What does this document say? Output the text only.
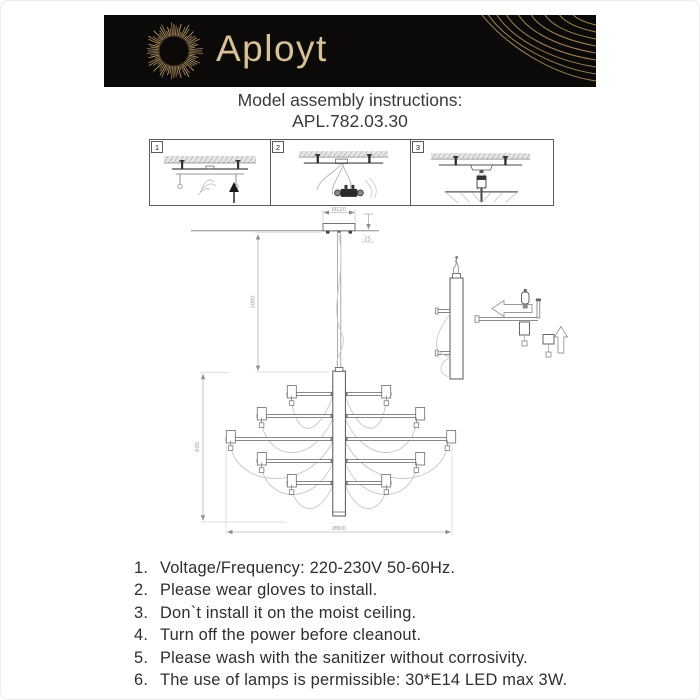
Aployt
Model assembly instructions:
APL.782.03.30
1	2	3
Ø120
25
1000
600
Ø800
1. Voltage/Frequency: 220-230V 50-60Hz.
2. Please wear gloves to install.
3. Don`t install it on the moist ceiling.
4. Turn off the power before cleanout.
5. Please wash with the sanitizer without corrosivity.
6. The use of lamps is permissible: 30*E14 LED max 3W.
